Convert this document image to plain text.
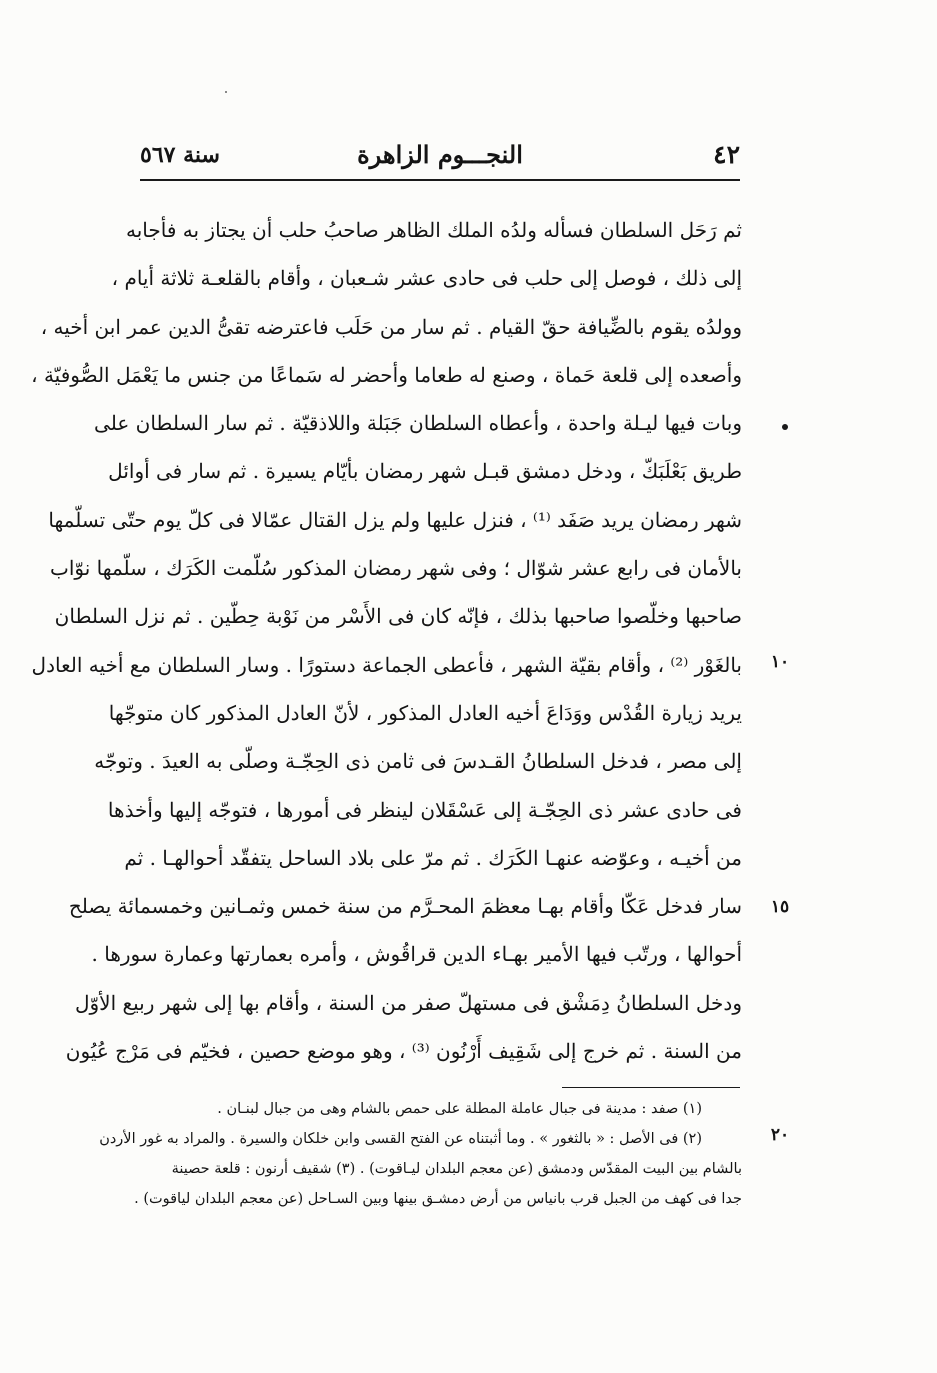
٤٢
النجـــوم الزاهرة
سنة ٥٦٧
١٠
١٥
٢٠
ثم رَحَل السلطان فسأله ولدُه الملك الظاهر صاحبُ حلب أن يجتاز به فأجابه
إلى ذلك ، فوصل إلى حلب فى حادى عشر شـعبان ، وأقام بالقلعـة ثلاثة أيام ،
وولدُه يقوم بالضِّيافة حقّ القيام . ثم سار من حَلَب فاعترضه تقىُّ الدين عمر ابن أخيه ،
وأصعده إلى قلعة حَماة ، وصنع له طعاما وأحضر له سَماعًا من جنس ما يَعْمَل الصُّوفيّة ،
وبات فيها ليـلة واحدة ، وأعطاه السلطان جَبَلة واللاذقيّة . ثم سار السلطان على
طريق بَعْلَبَكّ ، ودخل دمشق قبـل شهر رمضان بأيّام يسيرة . ثم سار فى أوائل
شهر رمضان يريد صَفَد ⁽¹⁾ ، فنزل عليها ولم يزل القتال عمّالا فى كلّ يوم حتّى تسلّمها
بالأمان فى رابع عشر شوّال ؛ وفى شهر رمضان المذكور سُلّمت الكَرَك ، سلّمها نوّاب
صاحبها وخلّصوا صاحبها بذلك ، فإنّه كان فى الأَسْر من نَوْبة حِطّين . ثم نزل السلطان
بالغَوْر ⁽²⁾ ، وأقام بقيّة الشهر ، فأعطى الجماعة دستورًا . وسار السلطان مع أخيه العادل
يريد زيارة القُدْس ووَدَاعَ أخيه العادل المذكور ، لأنّ العادل المذكور كان متوجّها
إلى مصر ، فدخل السلطانُ القـدسَ فى ثامن ذى الحِجّـة وصلّى به العيدَ . وتوجّه
فى حادى عشر ذى الحِجّـة إلى عَسْقَلان لينظر فى أمورها ، فتوجّه إليها وأخذها
من أخيـه ، وعوّضه عنهـا الكَرَك . ثم مرّ على بلاد الساحل يتفقّد أحوالهـا . ثم
سار فدخل عَكّا وأقام بهـا معظمَ المحـرَّم من سنة خمس وثمـانين وخمسمائة يصلح
أحوالها ، ورتّب فيها الأمير بهـاء الدين قراقُوش ، وأمره بعمارتها وعمارة سورها .
ودخل السلطانُ دِمَشْق فى مستهلّ صفر من السنة ، وأقام بها إلى شهر ربيع الأوّل
من السنة . ثم خرج إلى شَقِيف أَرْنُون ⁽³⁾ ، وهو موضع حصين ، فخيّم فى مَرْج عُيُون
(١) صفد : مدينة فى جبال عاملة المطلة على حمص بالشام وهى من جبال لبنـان .
(٢) فى الأصل : « بالثغور » . وما أثبتناه عن الفتح القسى وابن خلكان والسيرة . والمراد به غور الأردن
بالشام بين البيت المقدّس ودمشق (عن معجم البلدان ليـاقوت) . (٣) شقيف أرنون : قلعة حصينة
جدا فى كهف من الجبل قرب بانياس من أرض دمشـق بينها وبين السـاحل (عن معجم البلدان لياقوت) .
